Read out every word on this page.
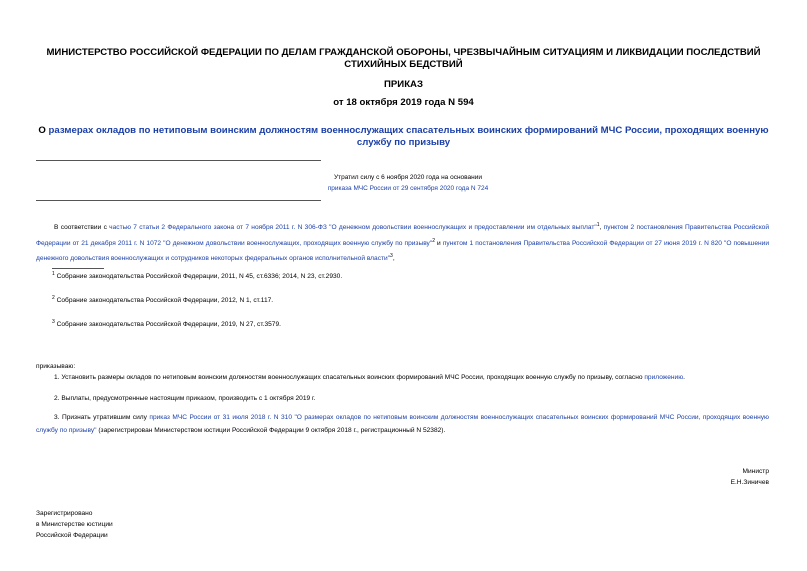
МИНИСТЕРСТВО РОССИЙСКОЙ ФЕДЕРАЦИИ ПО ДЕЛАМ ГРАЖДАНСКОЙ ОБОРОНЫ, ЧРЕЗВЫЧАЙНЫМ СИТУАЦИЯМ И ЛИКВИДАЦИИ ПОСЛЕДСТВИЙ СТИХИЙНЫХ БЕДСТВИЙ
ПРИКАЗ
от 18 октября 2019 года N 594
О размерах окладов по нетиповым воинским должностям военнослужащих спасательных воинских формирований МЧС России, проходящих военную службу по призыву
Утратил силу с 6 ноября 2020 года на основании
приказа МЧС России от 29 сентября 2020 года N 724
В соответствии с частью 7 статьи 2 Федерального закона от 7 ноября 2011 г. N 306-ФЗ "О денежном довольствии военнослужащих и предоставлении им отдельных выплат"$^1$, пунктом 2 постановления Правительства Российской Федерации от 21 декабря 2011 г. N 1072 "О денежном довольствии военнослужащих, проходящих военную службу по призыву"$^2$ и пунктом 1 постановления Правительства Российской Федерации от 27 июня 2019 г. N 820 "О повышении денежного довольствия военнослужащих и сотрудников некоторых федеральных органов исполнительной власти"$^3$,
$^1$ Собрание законодательства Российской Федерации, 2011, N 45, ст.6336; 2014, N 23, ст.2930.
$^2$ Собрание законодательства Российской Федерации, 2012, N 1, ст.117.
$^3$ Собрание законодательства Российской Федерации, 2019, N 27, ст.3579.
приказываю:
1. Установить размеры окладов по нетиповым воинским должностям военнослужащих спасательных воинских формирований МЧС России, проходящих военную службу по призыву, согласно приложению.
2. Выплаты, предусмотренные настоящим приказом, производить с 1 октября 2019 г.
3. Признать утратившим силу приказ МЧС России от 31 июля 2018 г. N 310 "О размерах окладов по нетиповым воинским должностям военнослужащих спасательных воинских формирований МЧС России, проходящих военную службу по призыву" (зарегистрирован Министерством юстиции Российской Федерации 9 октября 2018 г., регистрационный N 52382).
Министр
Е.Н.Зиничев
Зарегистрировано
в Министерстве юстиции
Российской Федерации
